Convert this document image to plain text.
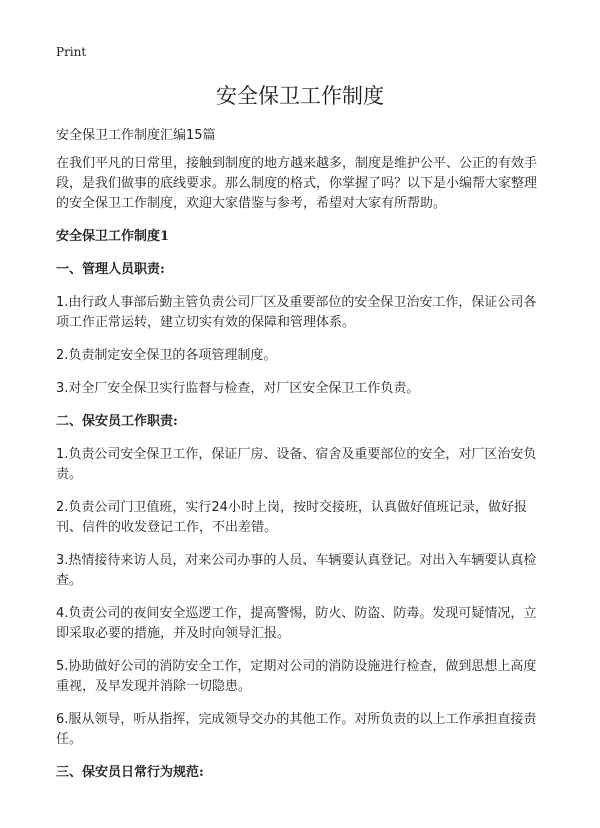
Print
安全保卫工作制度

安全保卫工作制度汇编15篇

在我们平凡的日常里，接触到制度的地方越来越多，制度是维护公平、公正的有效手段，是我们做事的底线要求。那么制度的格式，你掌握了吗？以下是小编帮大家整理的安全保卫工作制度，欢迎大家借鉴与参考，希望对大家有所帮助。

安全保卫工作制度1

一、管理人员职责:

1.由行政人事部后勤主管负责公司厂区及重要部位的安全保卫治安工作，保证公司各项工作正常运转，建立切实有效的保障和管理体系。

2.负责制定安全保卫的各项管理制度。

3.对全厂安全保卫实行监督与检查，对厂区安全保卫工作负责。

二、保安员工作职责:

1.负责公司安全保卫工作，保证厂房、设备、宿舍及重要部位的安全，对厂区治安负责。

2.负责公司门卫值班，实行24小时上岗，按时交接班，认真做好值班记录，做好报刊、信件的收发登记工作，不出差错。

3.热情接待来访人员，对来公司办事的人员、车辆要认真登记。对出入车辆要认真检查。

4.负责公司的夜间安全巡逻工作，提高警惕，防火、防盗、防毒。发现可疑情况，立即采取必要的措施，并及时向领导汇报。

5.协助做好公司的消防安全工作，定期对公司的消防设施进行检查，做到思想上高度重视，及早发现并消除一切隐患。

6.服从领导，听从指挥，完成领导交办的其他工作。对所负责的以上工作承担直接责任。

三、保安员日常行为规范:
